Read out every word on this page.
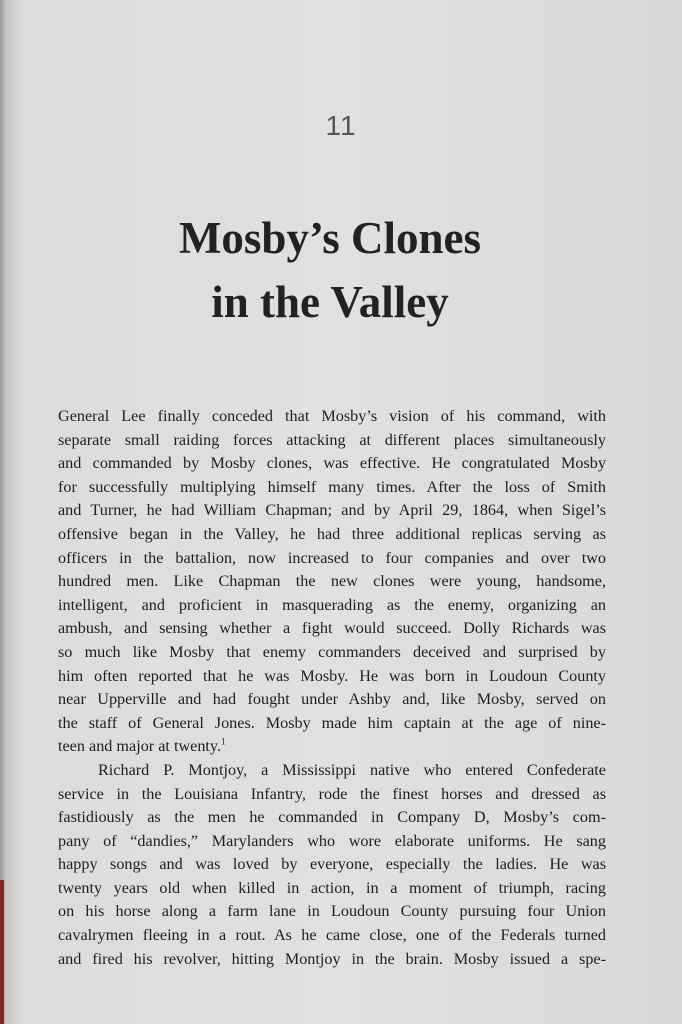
11
Mosby’s Clones
in the Valley
General Lee finally conceded that Mosby’s vision of his command, with
separate small raiding forces attacking at different places simultaneously
and commanded by Mosby clones, was effective. He congratulated Mosby
for successfully multiplying himself many times. After the loss of Smith
and Turner, he had William Chapman; and by April 29, 1864, when Sigel’s
offensive began in the Valley, he had three additional replicas serving as
officers in the battalion, now increased to four companies and over two
hundred men. Like Chapman the new clones were young, handsome,
intelligent, and proficient in masquerading as the enemy, organizing an
ambush, and sensing whether a fight would succeed. Dolly Richards was
so much like Mosby that enemy commanders deceived and surprised by
him often reported that he was Mosby. He was born in Loudoun County
near Upperville and had fought under Ashby and, like Mosby, served on
the staff of General Jones. Mosby made him captain at the age of nine-
teen and major at twenty.$^1$
Richard P. Montjoy, a Mississippi native who entered Confederate
service in the Louisiana Infantry, rode the finest horses and dressed as
fastidiously as the men he commanded in Company D, Mosby’s com-
pany of “dandies,” Marylanders who wore elaborate uniforms. He sang
happy songs and was loved by everyone, especially the ladies. He was
twenty years old when killed in action, in a moment of triumph, racing
on his horse along a farm lane in Loudoun County pursuing four Union
cavalrymen fleeing in a rout. As he came close, one of the Federals turned
and fired his revolver, hitting Montjoy in the brain. Mosby issued a spe-
